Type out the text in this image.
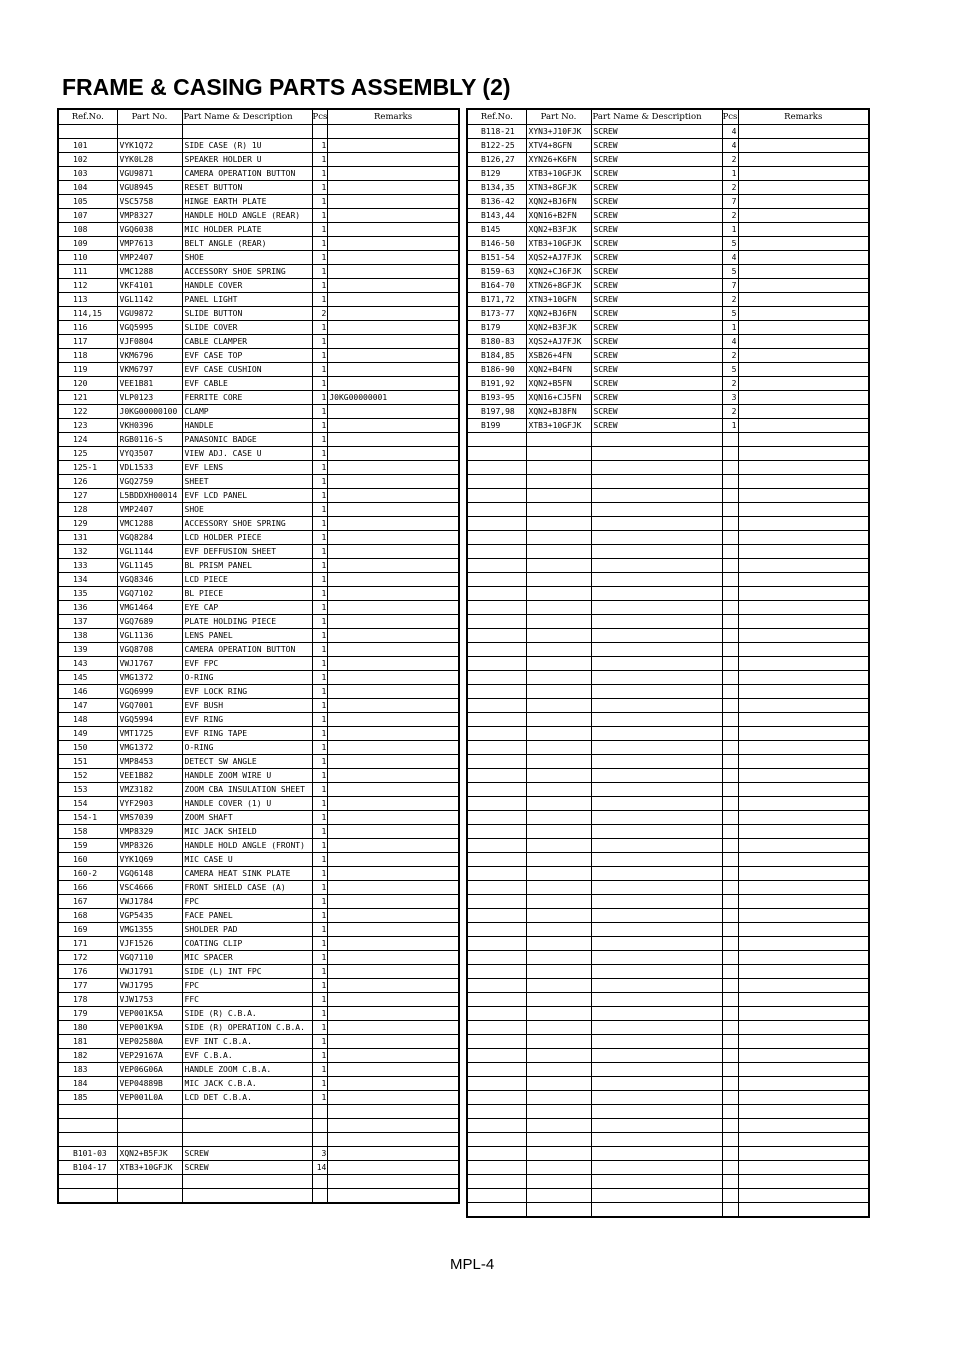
FRAME & CASING PARTS ASSEMBLY (2)
Ref.No.	Part No.	Part Name & Description	Pcs	Remarks

101	VYK1Q72	SIDE CASE (R) 1U	1	
102	VYK0L28	SPEAKER HOLDER U	1	
103	VGU9871	CAMERA OPERATION BUTTON	1	
104	VGU8945	RESET BUTTON	1	
105	VSC5758	HINGE EARTH PLATE	1	
107	VMP8327	HANDLE HOLD ANGLE (REAR)	1	
108	VGQ6038	MIC HOLDER PLATE	1	
109	VMP7613	BELT ANGLE (REAR)	1	
110	VMP2407	SHOE	1	
111	VMC1288	ACCESSORY SHOE SPRING	1	
112	VKF4101	HANDLE COVER	1	
113	VGL1142	PANEL LIGHT	1	
114,15	VGU9872	SLIDE BUTTON	2	
116	VGQ5995	SLIDE COVER	1	
117	VJF0804	CABLE CLAMPER	1	
118	VKM6796	EVF CASE TOP	1	
119	VKM6797	EVF CASE CUSHION	1	
120	VEE1B81	EVF CABLE	1	
121	VLP0123	FERRITE CORE	1	J0KG00000001
122	J0KG00000100	CLAMP	1	
123	VKH0396	HANDLE	1	
124	RGB0116-S	PANASONIC BADGE	1	
125	VYQ3507	VIEW ADJ. CASE U	1	
125-1	VDL1533	EVF LENS	1	
126	VGQ2759	SHEET	1	
127	L5BDDXH00014	EVF LCD PANEL	1	
128	VMP2407	SHOE	1	
129	VMC1288	ACCESSORY SHOE SPRING	1	
131	VGQ8284	LCD HOLDER PIECE	1	
132	VGL1144	EVF DEFFUSION SHEET	1	
133	VGL1145	BL PRISM PANEL	1	
134	VGQ8346	LCD PIECE	1	
135	VGQ7102	BL PIECE	1	
136	VMG1464	EYE CAP	1	
137	VGQ7689	PLATE HOLDING PIECE	1	
138	VGL1136	LENS PANEL	1	
139	VGQ8708	CAMERA OPERATION BUTTON	1	
143	VWJ1767	EVF FPC	1	
145	VMG1372	O-RING	1	
146	VGQ6999	EVF LOCK RING	1	
147	VGQ7001	EVF BUSH	1	
148	VGQ5994	EVF RING	1	
149	VMT1725	EVF RING TAPE	1	
150	VMG1372	O-RING	1	
151	VMP8453	DETECT SW ANGLE	1	
152	VEE1B82	HANDLE ZOOM WIRE U	1	
153	VMZ3182	ZOOM CBA INSULATION SHEET	1	
154	VYF2903	HANDLE COVER (1) U	1	
154-1	VMS7039	ZOOM SHAFT	1	
158	VMP8329	MIC JACK SHIELD	1	
159	VMP8326	HANDLE HOLD ANGLE (FRONT)	1	
160	VYK1Q69	MIC CASE U	1	
160-2	VGQ6148	CAMERA HEAT SINK PLATE	1	
166	VSC4666	FRONT SHIELD CASE (A)	1	
167	VWJ1784	FPC	1	
168	VGP5435	FACE PANEL	1	
169	VMG1355	SHOLDER PAD	1	
171	VJF1526	COATING CLIP	1	
172	VGQ7110	MIC SPACER	1	
176	VWJ1791	SIDE (L) INT FPC	1	
177	VWJ1795	FPC	1	
178	VJW1753	FFC	1	
179	VEP001K5A	SIDE (R) C.B.A.	1	
180	VEP001K9A	SIDE (R) OPERATION C.B.A.	1	
181	VEP02580A	EVF INT C.B.A.	1	
182	VEP29167A	EVF C.B.A.	1	
183	VEP06G06A	HANDLE ZOOM C.B.A.	1	
184	VEP04889B	MIC JACK C.B.A.	1	
185	VEP001L0A	LCD DET C.B.A.	1	

B101-03	XQN2+B5FJK	SCREW	3	
B104-17	XTB3+10GFJK	SCREW	14	

Ref.No.	Part No.	Part Name & Description	Pcs	Remarks
B118-21	XYN3+J10FJK	SCREW	4	
B122-25	XTV4+8GFN	SCREW	4	
B126,27	XYN26+K6FN	SCREW	2	
B129	XTB3+10GFJK	SCREW	1	
B134,35	XTN3+8GFJK	SCREW	2	
B136-42	XQN2+BJ6FN	SCREW	7	
B143,44	XQN16+B2FN	SCREW	2	
B145	XQN2+B3FJK	SCREW	1	
B146-50	XTB3+10GFJK	SCREW	5	
B151-54	XQS2+AJ7FJK	SCREW	4	
B159-63	XQN2+CJ6FJK	SCREW	5	
B164-70	XTN26+8GFJK	SCREW	7	
B171,72	XTN3+10GFN	SCREW	2	
B173-77	XQN2+BJ6FN	SCREW	5	
B179	XQN2+B3FJK	SCREW	1	
B180-83	XQS2+AJ7FJK	SCREW	4	
B184,85	XSB26+4FN	SCREW	2	
B186-90	XQN2+B4FN	SCREW	5	
B191,92	XQN2+B5FN	SCREW	2	
B193-95	XQN16+CJ5FN	SCREW	3	
B197,98	XQN2+BJ8FN	SCREW	2	
B199	XTB3+10GFJK	SCREW	1	

MPL-4
